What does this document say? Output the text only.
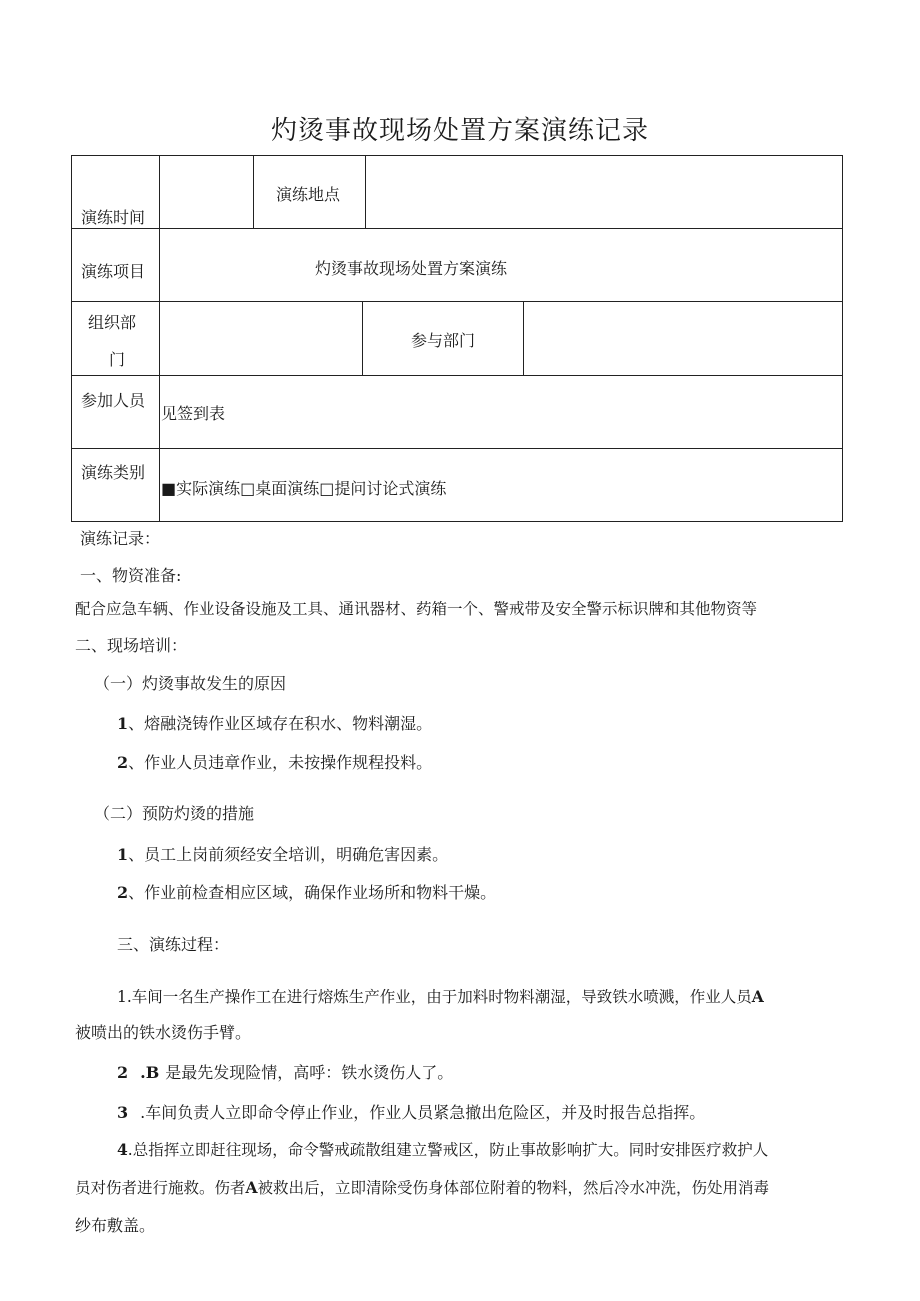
灼烫事故现场处置方案演练记录
演练时间
演练地点
演练项目	灼烫事故现场处置方案演练
组织部
门
参与部门
参加人员
见签到表
演练类别
■实际演练□桌面演练□提问讨论式演练
演练记录：
一、物资准备:
配合应急车辆、作业设备设施及工具、通讯器材、药箱一个、警戒带及安全警示标识牌和其他物资等
二、现场培训：
（一）灼烫事故发生的原因
1、熔融浇铸作业区域存在积水、物料潮湿。
2、作业人员违章作业，未按操作规程投料。
（二）预防灼烫的措施
1、员工上岗前须经安全培训，明确危害因素。
2、作业前检查相应区域，确保作业场所和物料干燥。
三、演练过程：
1.车间一名生产操作工在进行熔炼生产作业，由于加料时物料潮湿，导致铁水喷溅，作业人员A
被喷出的铁水烫伤手臂。
2 .B 是最先发现险情，高呼：铁水烫伤人了。
3 .车间负责人立即命令停止作业，作业人员紧急撤出危险区，并及时报告总指挥。
4.总指挥立即赶往现场，命令警戒疏散组建立警戒区，防止事故影响扩大。同时安排医疗救护人
员对伤者进行施救。伤者A被救出后，立即清除受伤身体部位附着的物料，然后冷水冲洗，伤处用消毒
纱布敷盖。
